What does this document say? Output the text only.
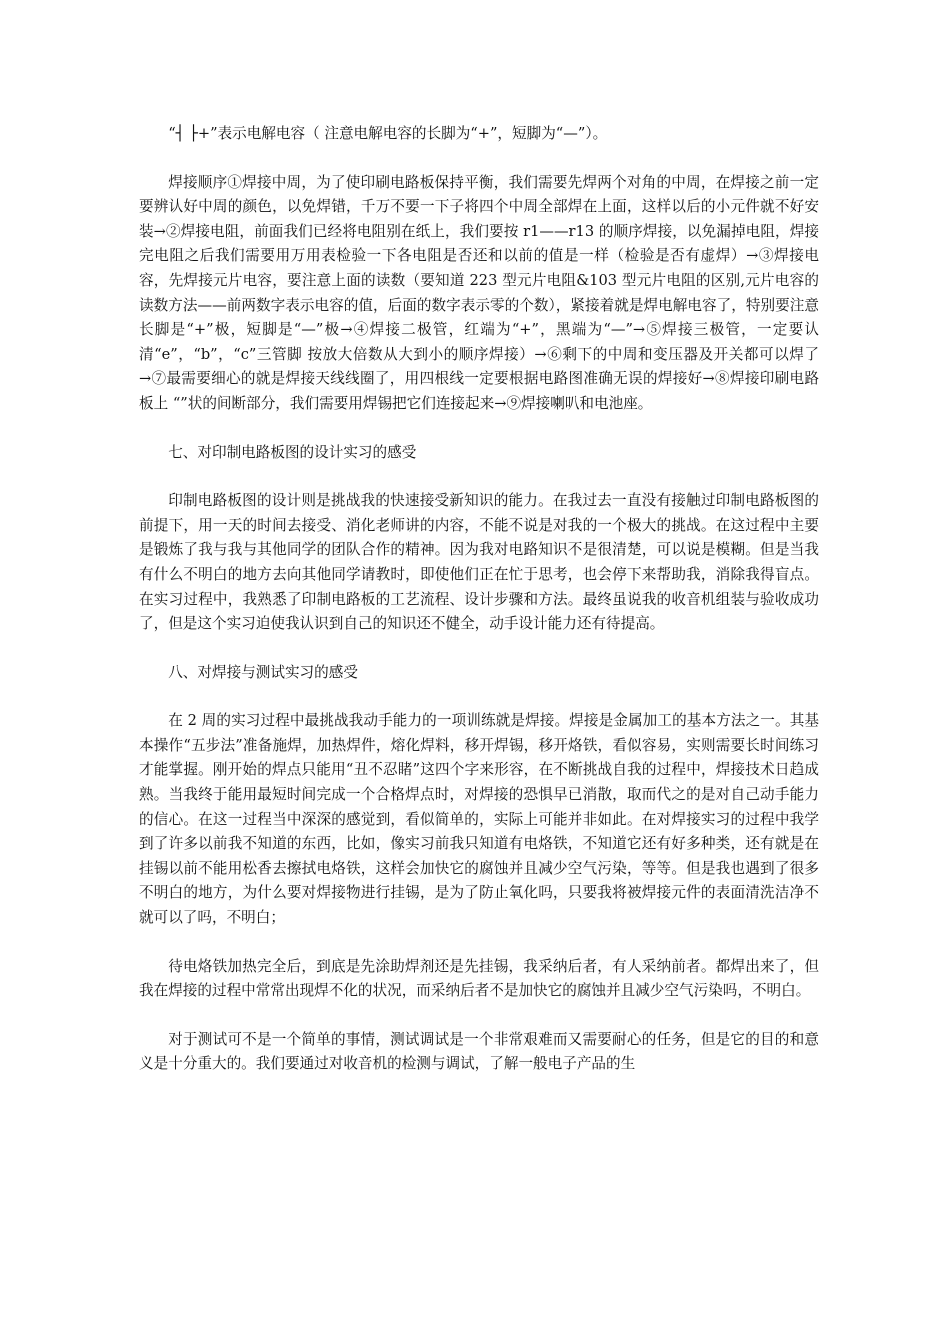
“┤ ├+”表示电解电容（ 注意电解电容的长脚为“+”，短脚为“—”）。

焊接顺序①焊接中周，为了使印刷电路板保持平衡，我们需要先焊两个对角的中周，在焊接之前一定要辨认好中周的颜色，以免焊错，千万不要一下子将四个中周全部焊在上面，这样以后的小元件就不好安装→②焊接电阻，前面我们已经将电阻别在纸上，我们要按 r1——r13 的顺序焊接，以免漏掉电阻，焊接完电阻之后我们需要用万用表检验一下各电阻是否还和以前的值是一样（检验是否有虚焊）→③焊接电容，先焊接元片电容，要注意上面的读数（要知道 223 型元片电阻&103 型元片电阻的区别,元片电容的读数方法——前两数字表示电容的值，后面的数字表示零的个数），紧接着就是焊电解电容了，特别要注意长脚是“+”极，短脚是“—”极→④焊接二极管，红端为“+”，黑端为“—”→⑤焊接三极管，一定要认清“e”，“b”，“c”三管脚 按放大倍数从大到小的顺序焊接）→⑥剩下的中周和变压器及开关都可以焊了→⑦最需要细心的就是焊接天线线圈了，用四根线一定要根据电路图准确无误的焊接好→⑧焊接印刷电路板上 “”状的间断部分，我们需要用焊锡把它们连接起来→⑨焊接喇叭和电池座。

七、对印制电路板图的设计实习的感受

印制电路板图的设计则是挑战我的快速接受新知识的能力。在我过去一直没有接触过印制电路板图的前提下，用一天的时间去接受、消化老师讲的内容，不能不说是对我的一个极大的挑战。在这过程中主要是锻炼了我与我与其他同学的团队合作的精神。因为我对电路知识不是很清楚，可以说是模糊。但是当我有什么不明白的地方去向其他同学请教时，即使他们正在忙于思考，也会停下来帮助我，消除我得盲点。在实习过程中，我熟悉了印制电路板的工艺流程、设计步骤和方法。最终虽说我的收音机组装与验收成功了，但是这个实习迫使我认识到自己的知识还不健全，动手设计能力还有待提高。

八、对焊接与测试实习的感受

在 2 周的实习过程中最挑战我动手能力的一项训练就是焊接。焊接是金属加工的基本方法之一。其基本操作“五步法”准备施焊，加热焊件，熔化焊料，移开焊锡，移开烙铁，看似容易，实则需要长时间练习才能掌握。刚开始的焊点只能用“丑不忍睹”这四个字来形容，在不断挑战自我的过程中，焊接技术日趋成熟。当我终于能用最短时间完成一个合格焊点时，对焊接的恐惧早已消散，取而代之的是对自己动手能力的信心。在这一过程当中深深的感觉到，看似简单的，实际上可能并非如此。在对焊接实习的过程中我学到了许多以前我不知道的东西，比如，像实习前我只知道有电烙铁，不知道它还有好多种类，还有就是在挂锡以前不能用松香去擦拭电烙铁，这样会加快它的腐蚀并且减少空气污染，等等。但是我也遇到了很多不明白的地方，为什么要对焊接物进行挂锡，是为了防止氧化吗，只要我将被焊接元件的表面清洗洁净不就可以了吗，不明白；

待电烙铁加热完全后，到底是先涂助焊剂还是先挂锡，我采纳后者，有人采纳前者。都焊出来了，但我在焊接的过程中常常出现焊不化的状况，而采纳后者不是加快它的腐蚀并且减少空气污染吗，不明白。

对于测试可不是一个简单的事情，测试调试是一个非常艰难而又需要耐心的任务，但是它的目的和意义是十分重大的。我们要通过对收音机的检测与调试，了解一般电子产品的生
